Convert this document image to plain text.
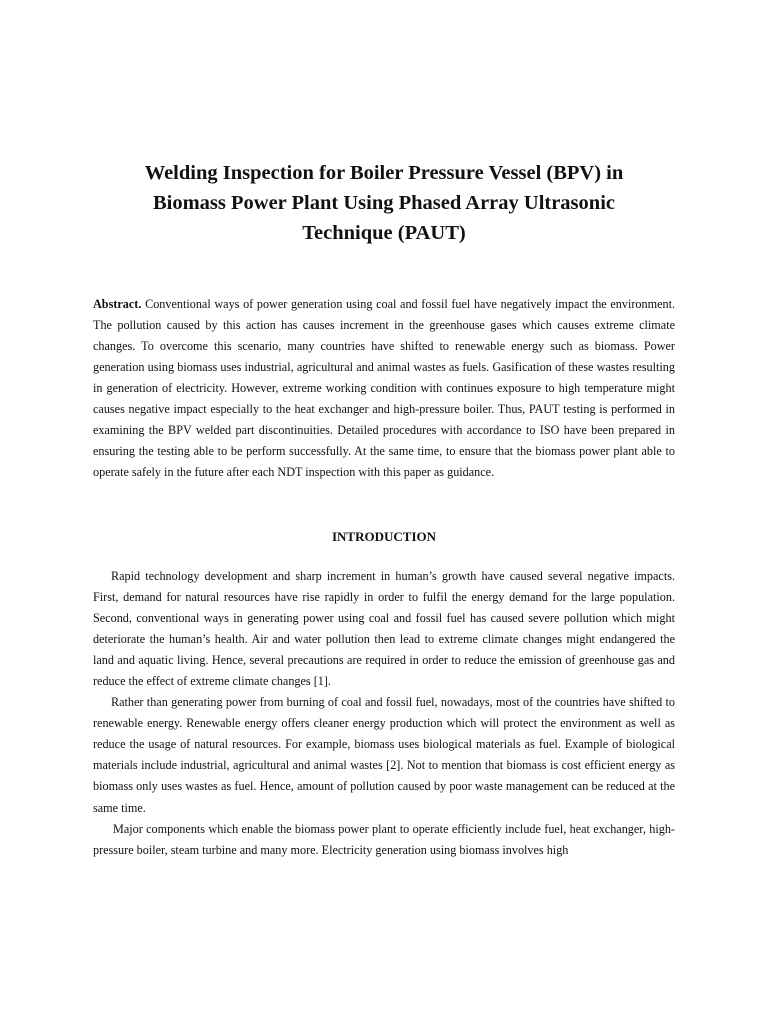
Welding Inspection for Boiler Pressure Vessel (BPV) in
Biomass Power Plant Using Phased Array Ultrasonic
Technique (PAUT)

Abstract. Conventional ways of power generation using coal and fossil fuel have negatively impact the environment. The pollution caused by this action has causes increment in the greenhouse gases which causes extreme climate changes. To overcome this scenario, many countries have shifted to renewable energy such as biomass. Power generation using biomass uses industrial, agricultural and animal wastes as fuels. Gasification of these wastes resulting in generation of electricity. However, extreme working condition with continues exposure to high temperature might causes negative impact especially to the heat exchanger and high-pressure boiler. Thus, PAUT testing is performed in examining the BPV welded part discontinuities. Detailed procedures with accordance to ISO have been prepared in ensuring the testing able to be perform successfully. At the same time, to ensure that the biomass power plant able to operate safely in the future after each NDT inspection with this paper as guidance.

INTRODUCTION

Rapid technology development and sharp increment in human’s growth have caused several negative impacts. First, demand for natural resources have rise rapidly in order to fulfil the energy demand for the large population. Second, conventional ways in generating power using coal and fossil fuel has caused severe pollution which might deteriorate the human’s health. Air and water pollution then lead to extreme climate changes might endangered the land and aquatic living. Hence, several precautions are required in order to reduce the emission of greenhouse gas and reduce the effect of extreme climate changes [1].

Rather than generating power from burning of coal and fossil fuel, nowadays, most of the countries have shifted to renewable energy. Renewable energy offers cleaner energy production which will protect the environment as well as reduce the usage of natural resources. For example, biomass uses biological materials as fuel. Example of biological materials include industrial, agricultural and animal wastes [2]. Not to mention that biomass is cost efficient energy as biomass only uses wastes as fuel. Hence, amount of pollution caused by poor waste management can be reduced at the same time.

Major components which enable the biomass power plant to operate efficiently include fuel, heat exchanger, high-pressure boiler, steam turbine and many more. Electricity generation using biomass involves high
